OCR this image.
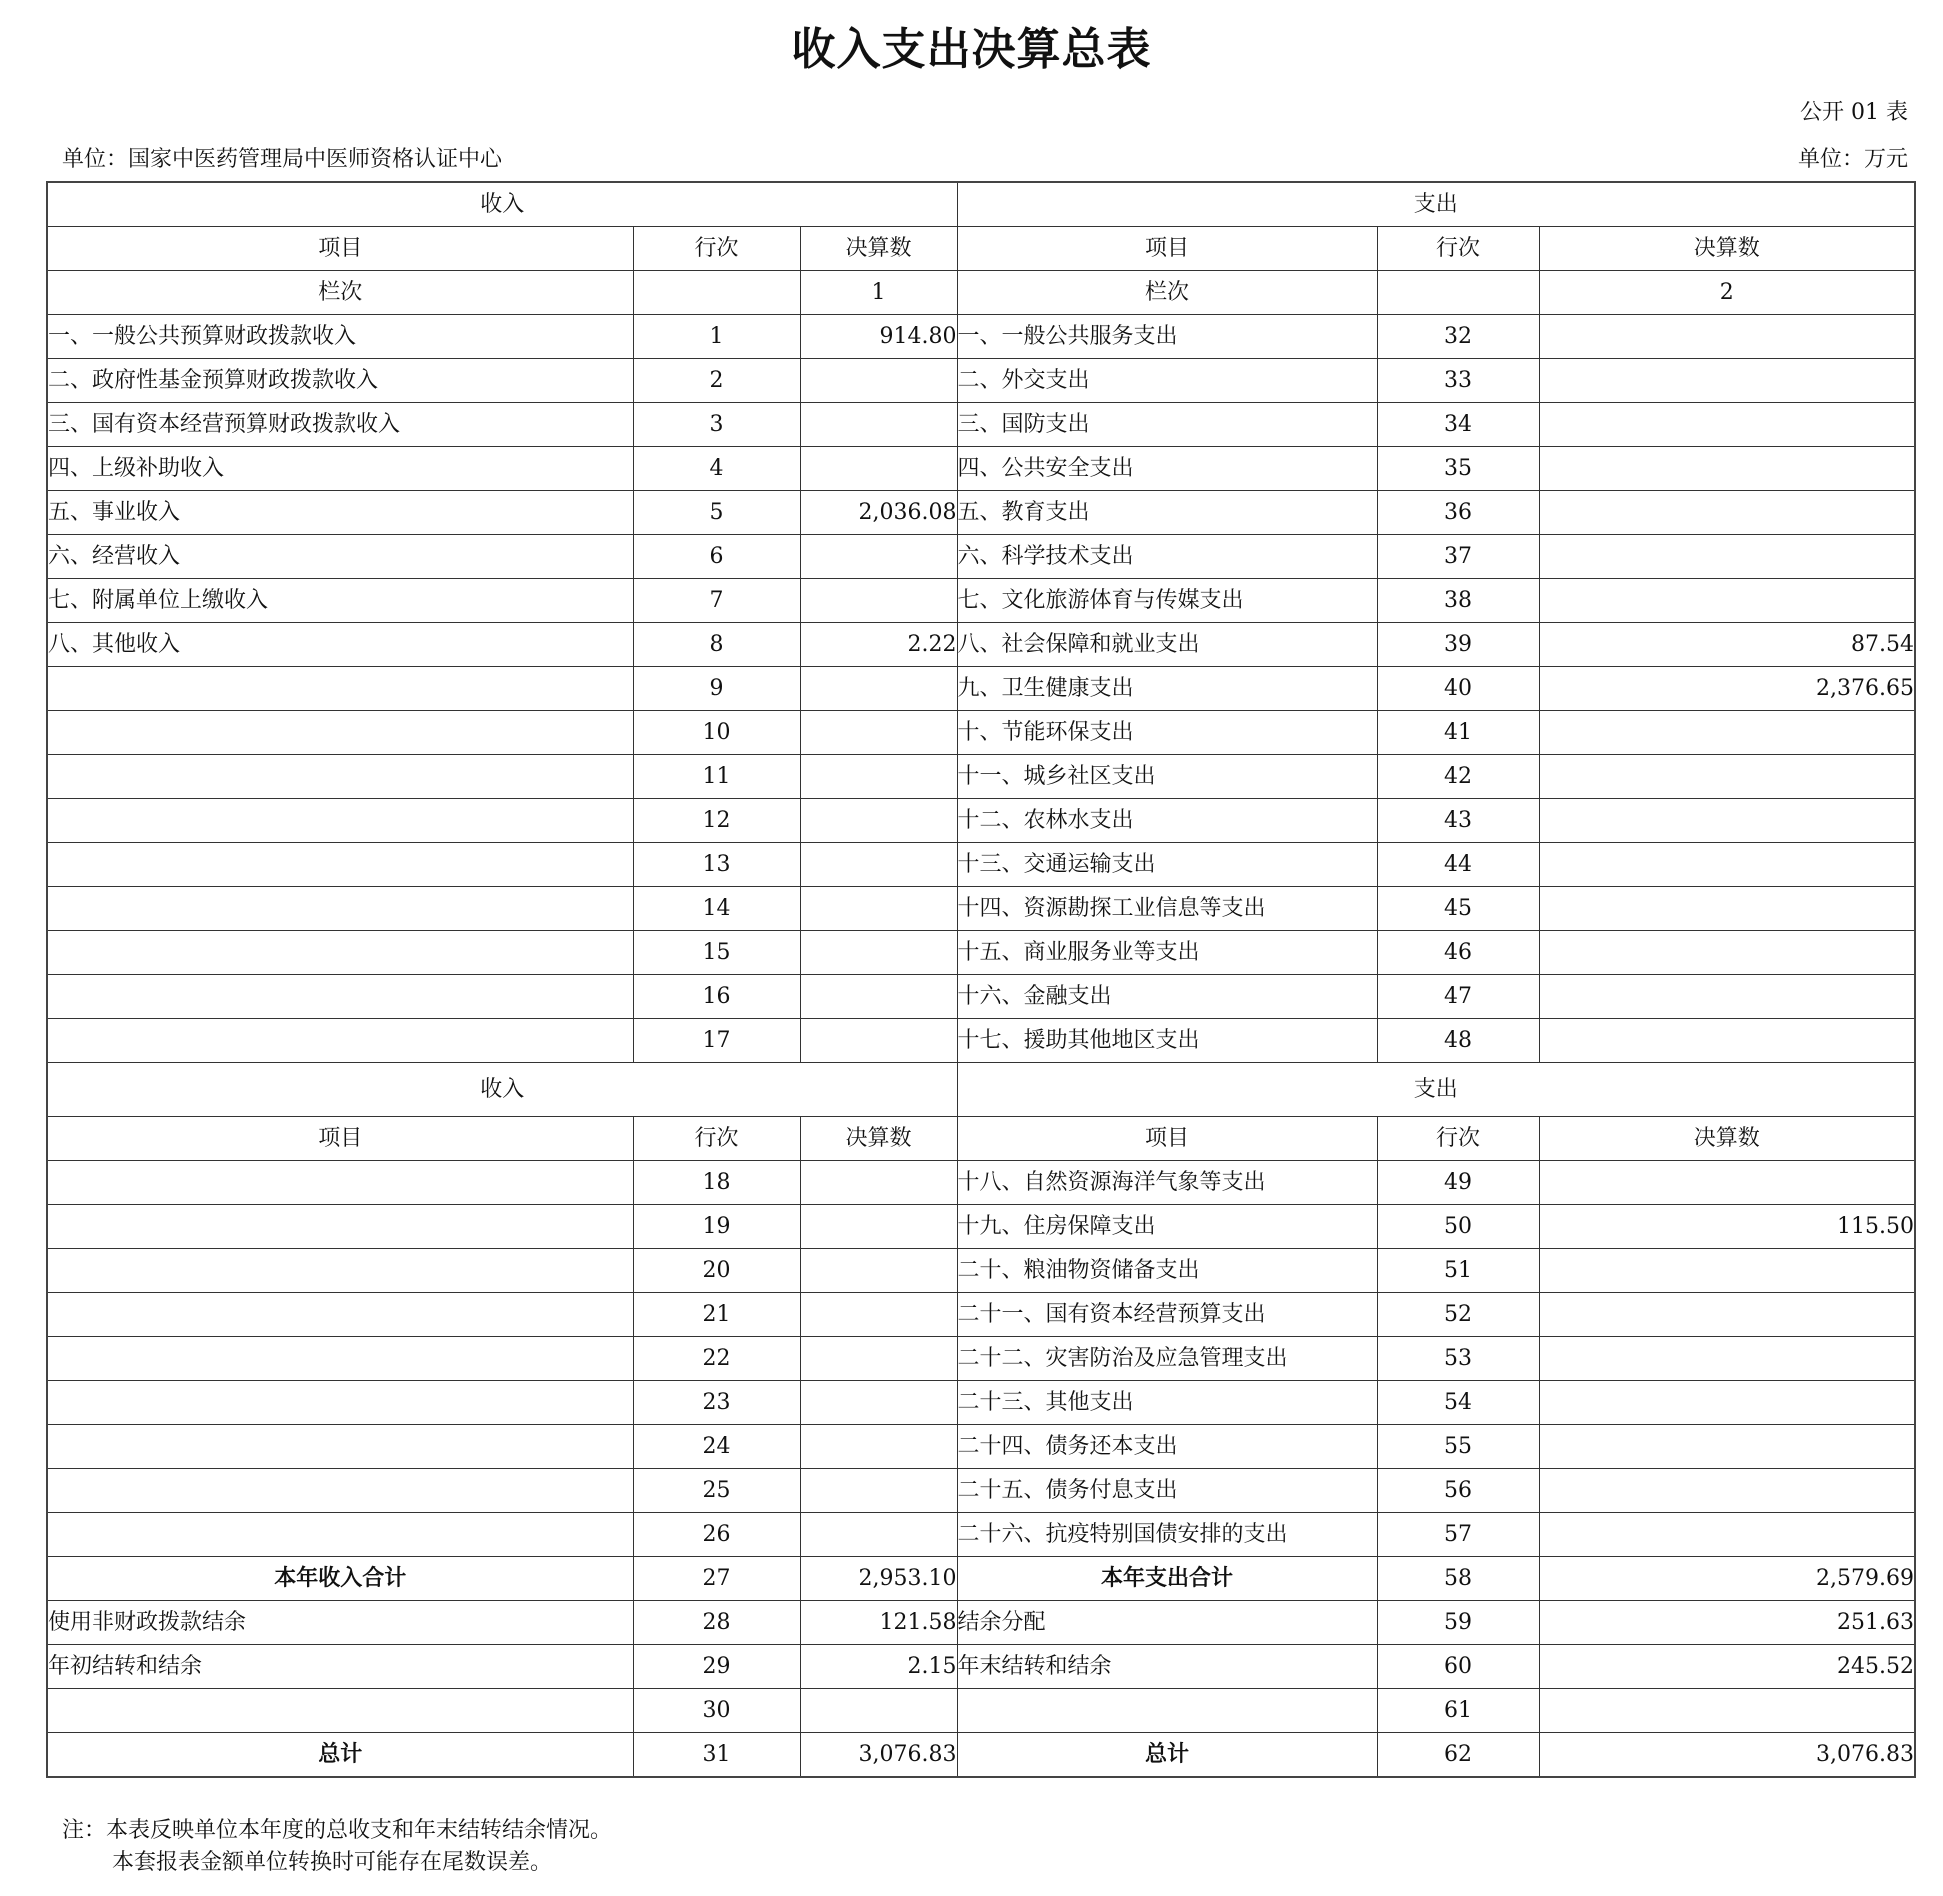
收入支出决算总表
公开 01 表
单位：国家中医药管理局中医师资格认证中心	单位：万元
收入			支出		
项目	行次	决算数	项目	行次	决算数
栏次		1	栏次		2
一、一般公共预算财政拨款收入	1	914.80	一、一般公共服务支出	32	
二、政府性基金预算财政拨款收入	2		二、外交支出	33	
三、国有资本经营预算财政拨款收入	3		三、国防支出	34	
四、上级补助收入	4		四、公共安全支出	35	
五、事业收入	5	2,036.08	五、教育支出	36	
六、经营收入	6		六、科学技术支出	37	
七、附属单位上缴收入	7		七、文化旅游体育与传媒支出	38	
八、其他收入	8	2.22	八、社会保障和就业支出	39	87.54
	9		九、卫生健康支出	40	2,376.65
	10		十、节能环保支出	41	
	11		十一、城乡社区支出	42	
	12		十二、农林水支出	43	
	13		十三、交通运输支出	44	
	14		十四、资源勘探工业信息等支出	45	
	15		十五、商业服务业等支出	46	
	16		十六、金融支出	47	
	17		十七、援助其他地区支出	48	
收入			支出		
项目	行次	决算数	项目	行次	决算数
	18		十八、自然资源海洋气象等支出	49	
	19		十九、住房保障支出	50	115.50
	20		二十、粮油物资储备支出	51	
	21		二十一、国有资本经营预算支出	52	
	22		二十二、灾害防治及应急管理支出	53	
	23		二十三、其他支出	54	
	24		二十四、债务还本支出	55	
	25		二十五、债务付息支出	56	
	26		二十六、抗疫特别国债安排的支出	57	
本年收入合计	27	2,953.10	本年支出合计	58	2,579.69
使用非财政拨款结余	28	121.58	结余分配	59	251.63
年初结转和结余	29	2.15	年末结转和结余	60	245.52
	30			61	
总计	31	3,076.83	总计	62	3,076.83
注：本表反映单位本年度的总收支和年末结转结余情况。
本套报表金额单位转换时可能存在尾数误差。
